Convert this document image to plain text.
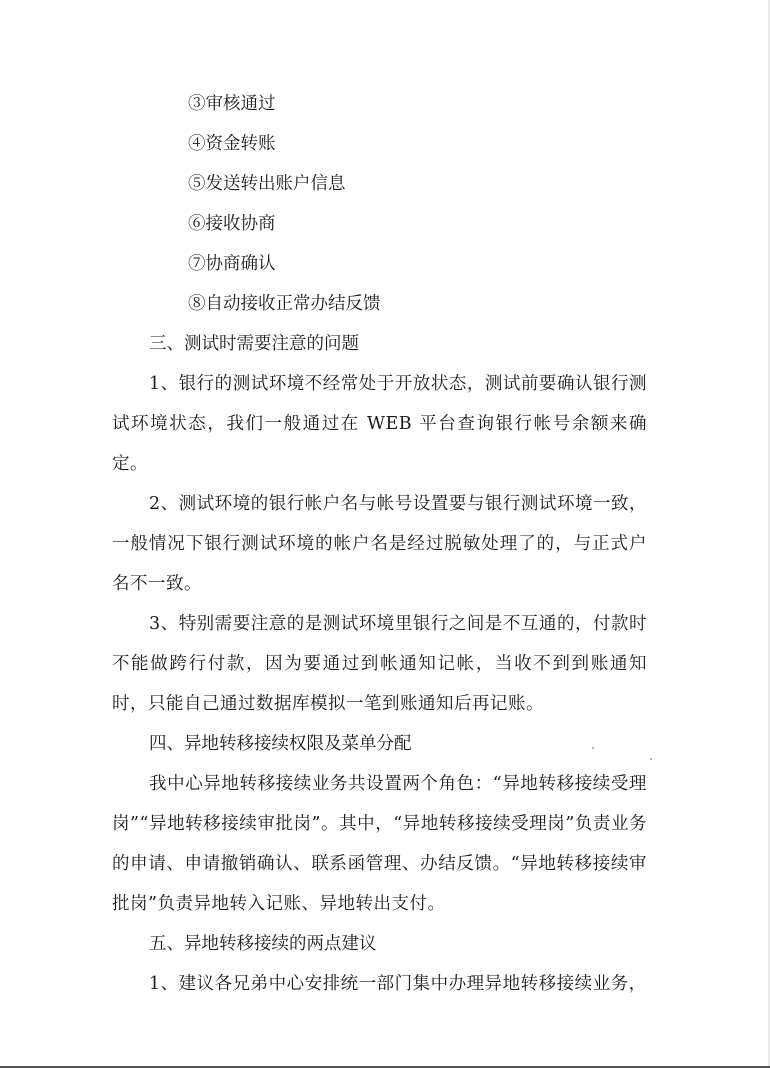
③审核通过
④资金转账
⑤发送转出账户信息
⑥接收协商
⑦协商确认
⑧自动接收正常办结反馈
三、测试时需要注意的问题
1、银行的测试环境不经常处于开放状态，测试前要确认银行测试环境状态，我们一般通过在 WEB 平台查询银行帐号余额来确定。
2、测试环境的银行帐户名与帐号设置要与银行测试环境一致，一般情况下银行测试环境的帐户名是经过脱敏处理了的，与正式户名不一致。
3、特别需要注意的是测试环境里银行之间是不互通的，付款时不能做跨行付款，因为要通过到帐通知记帐，当收不到到账通知时，只能自己通过数据库模拟一笔到账通知后再记账。
四、异地转移接续权限及菜单分配
我中心异地转移接续业务共设置两个角色：“异地转移接续受理岗”“异地转移接续审批岗”。其中，“异地转移接续受理岗”负责业务的申请、申请撤销确认、联系函管理、办结反馈。“异地转移接续审批岗”负责异地转入记账、异地转出支付。
五、异地转移接续的两点建议
1、建议各兄弟中心安排统一部门集中办理异地转移接续业务，
